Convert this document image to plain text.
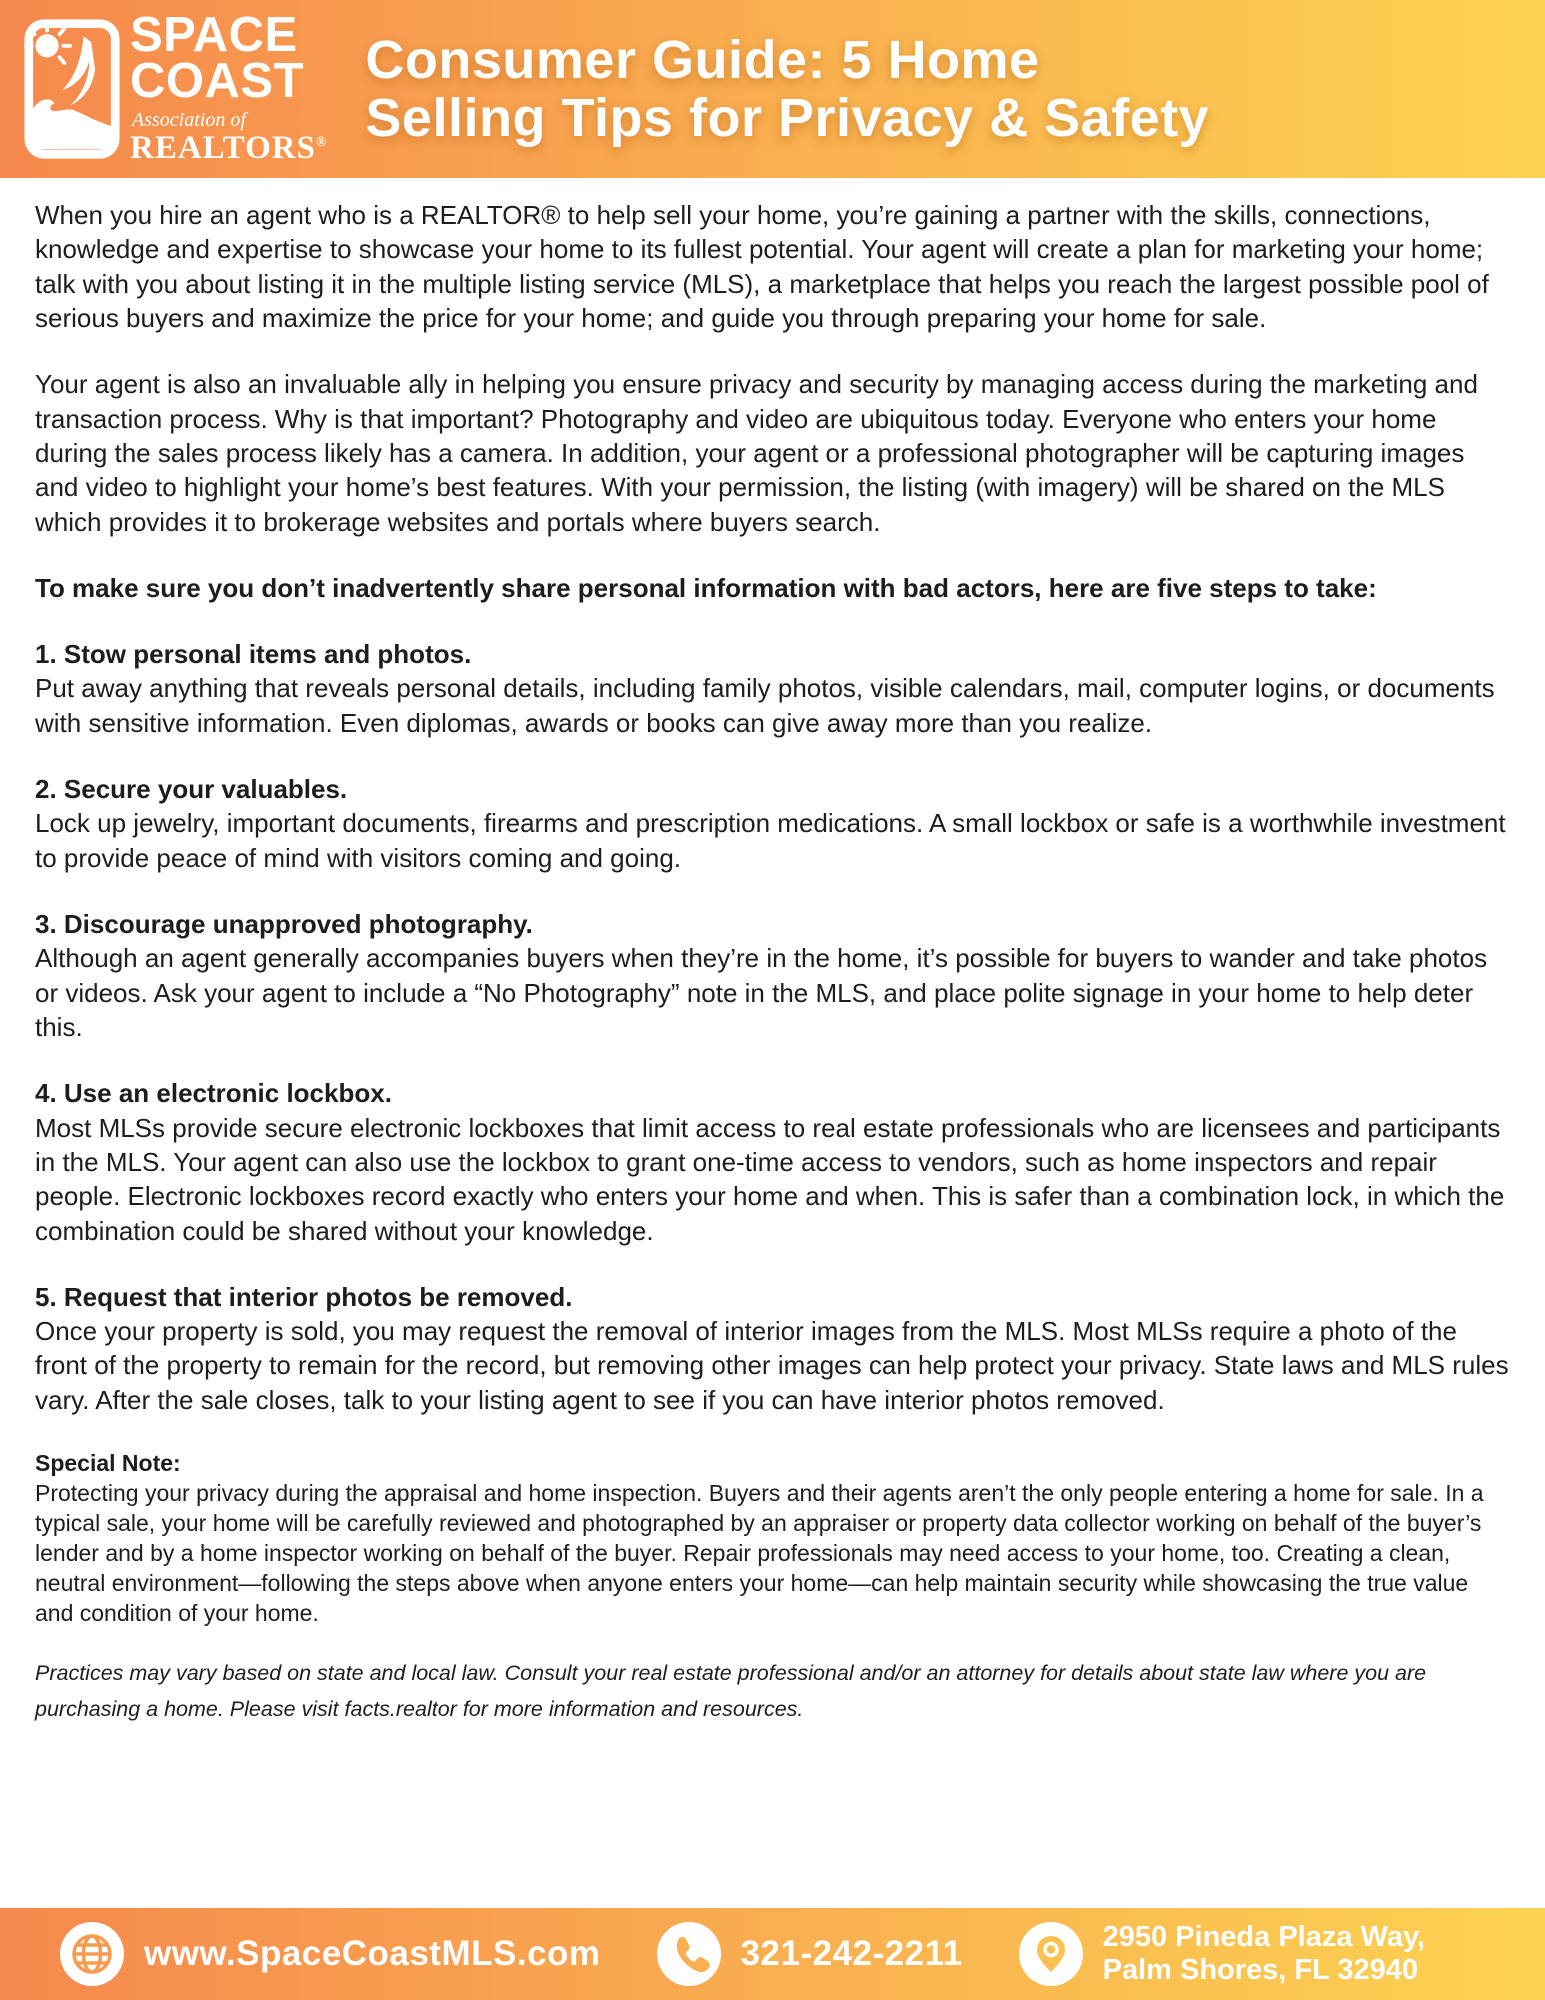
SPACE
COAST
Association of
REALTORS®
Consumer Guide: 5 Home
Selling Tips for Privacy & Safety

When you hire an agent who is a REALTOR® to help sell your home, you’re gaining a partner with the skills, connections, knowledge and expertise to showcase your home to its fullest potential. Your agent will create a plan for marketing your home; talk with you about listing it in the multiple listing service (MLS), a marketplace that helps you reach the largest possible pool of serious buyers and maximize the price for your home; and guide you through preparing your home for sale.

Your agent is also an invaluable ally in helping you ensure privacy and security by managing access during the marketing and transaction process. Why is that important? Photography and video are ubiquitous today. Everyone who enters your home during the sales process likely has a camera. In addition, your agent or a professional photographer will be capturing images and video to highlight your home’s best features. With your permission, the listing (with imagery) will be shared on the MLS which provides it to brokerage websites and portals where buyers search.

To make sure you don’t inadvertently share personal information with bad actors, here are five steps to take:

1. Stow personal items and photos.
Put away anything that reveals personal details, including family photos, visible calendars, mail, computer logins, or documents with sensitive information. Even diplomas, awards or books can give away more than you realize.
2. Secure your valuables.
Lock up jewelry, important documents, firearms and prescription medications. A small lockbox or safe is a worthwhile investment to provide peace of mind with visitors coming and going.
3. Discourage unapproved photography.
Although an agent generally accompanies buyers when they’re in the home, it’s possible for buyers to wander and take photos or videos. Ask your agent to include a “No Photography” note in the MLS, and place polite signage in your home to help deter this.
4. Use an electronic lockbox.
Most MLSs provide secure electronic lockboxes that limit access to real estate professionals who are licensees and participants in the MLS. Your agent can also use the lockbox to grant one-time access to vendors, such as home inspectors and repair people. Electronic lockboxes record exactly who enters your home and when. This is safer than a combination lock, in which the combination could be shared without your knowledge.
5. Request that interior photos be removed.
Once your property is sold, you may request the removal of interior images from the MLS. Most MLSs require a photo of the front of the property to remain for the record, but removing other images can help protect your privacy. State laws and MLS rules vary. After the sale closes, talk to your listing agent to see if you can have interior photos removed.
Special Note:
Protecting your privacy during the appraisal and home inspection. Buyers and their agents aren’t the only people entering a home for sale. In a typical sale, your home will be carefully reviewed and photographed by an appraiser or property data collector working on behalf of the buyer’s lender and by a home inspector working on behalf of the buyer. Repair professionals may need access to your home, too. Creating a clean, neutral environment—following the steps above when anyone enters your home—can help maintain security while showcasing the true value and condition of your home.

Practices may vary based on state and local law. Consult your real estate professional and/or an attorney for details about state law where you are purchasing a home. Please visit facts.realtor for more information and resources.

www.SpaceCoastMLS.com	321-242-2211	2950 Pineda Plaza Way,
Palm Shores, FL 32940
